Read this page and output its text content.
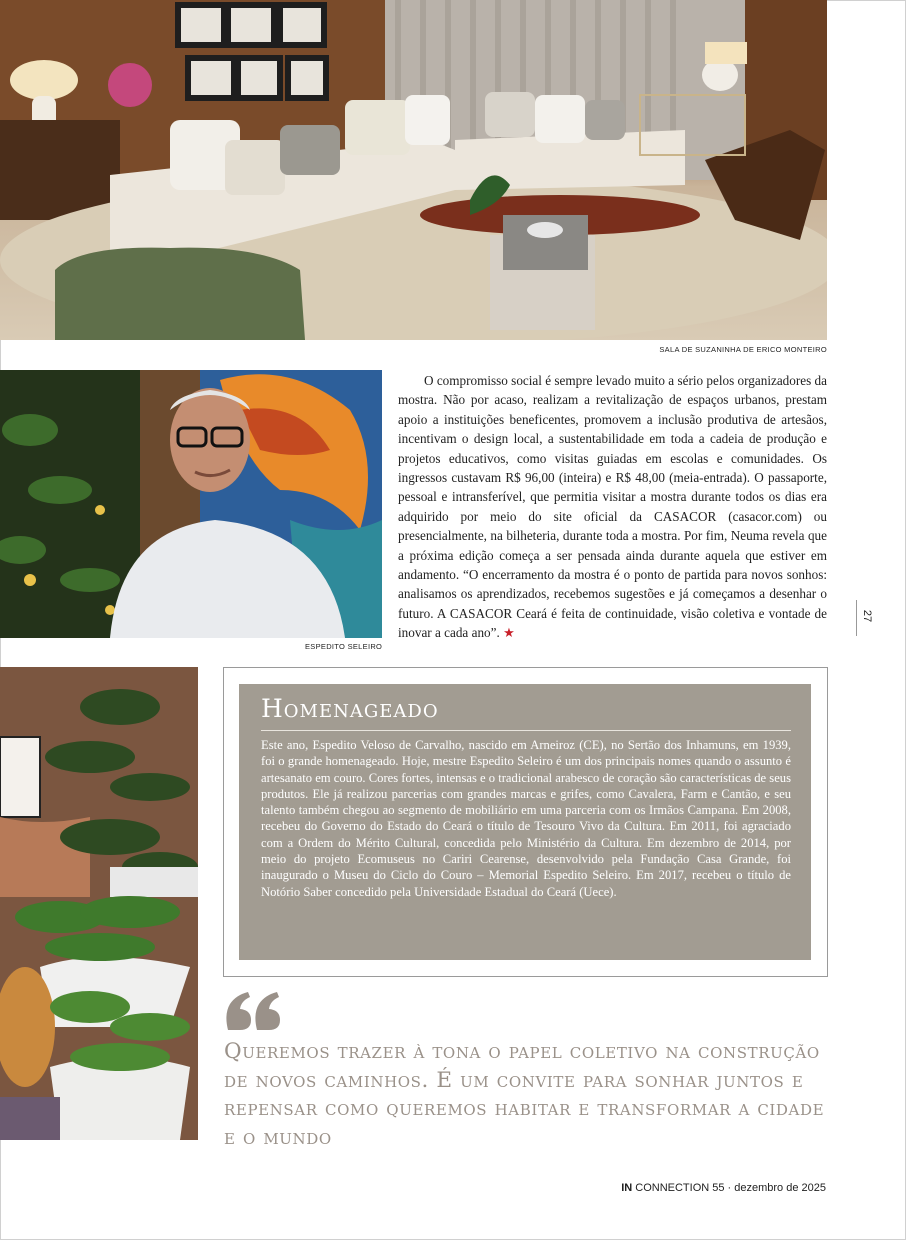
SALA DE SUZANINHA DE ERICO MONTEIRO
ESPEDITO SELEIRO

O compromisso social é sempre levado muito a sério pelos organizadores da mostra. Não por acaso, realizam a revitalização de espaços urbanos, prestam apoio a instituições beneficentes, promovem a inclusão produtiva de artesãos, incentivam o design local, a sustentabilidade em toda a cadeia de produção e projetos educativos, como visitas guiadas em escolas e comunidades. Os ingressos custavam R$ 96,00 (inteira) e R$ 48,00 (meia-entrada). O passaporte, pessoal e intransferível, que permitia visitar a mostra durante todos os dias era adquirido por meio do site oficial da CASACOR (casacor.com) ou presencialmente, na bilheteria, durante toda a mostra. Por fim, Neuma revela que a próxima edição começa a ser pensada ainda durante aquela que estiver em andamento. “O encerramento da mostra é o ponto de partida para novos sonhos: analisamos os aprendizados, recebemos sugestões e já começamos a desenhar o futuro. A CASACOR Ceará é feita de continuidade, visão coletiva e vontade de inovar a cada ano”. ★

27
Homenageado

Este ano, Espedito Veloso de Carvalho, nascido em Arneiroz (CE), no Sertão dos Inhamuns, em 1939, foi o grande homenageado. Hoje, mestre Espedito Seleiro é um dos principais nomes quando o assunto é artesanato em couro. Cores fortes, intensas e o tradicional arabesco de coração são características de seus produtos. Ele já realizou parcerias com grandes marcas e grifes, como Cavalera, Farm e Cantão, e seu talento também chegou ao segmento de mobiliário em uma parceria com os Irmãos Campana. Em 2008, recebeu do Governo do Estado do Ceará o título de Tesouro Vivo da Cultura. Em 2011, foi agraciado com a Ordem do Mérito Cultural, concedida pelo Ministério da Cultura. Em dezembro de 2014, por meio do projeto Ecomuseus no Cariri Cearense, desenvolvido pela Fundação Casa Grande, foi inaugurado o Museu do Ciclo do Couro – Memorial Espedito Seleiro. Em 2017, recebeu o título de Notório Saber concedido pela Universidade Estadual do Ceará (Uece).

Queremos trazer à tona o papel coletivo na construção de novos caminhos. É um convite para sonhar juntos e repensar como queremos habitar e transformar a cidade e o mundo

IN CONNECTION 55 · dezembro de 2025
